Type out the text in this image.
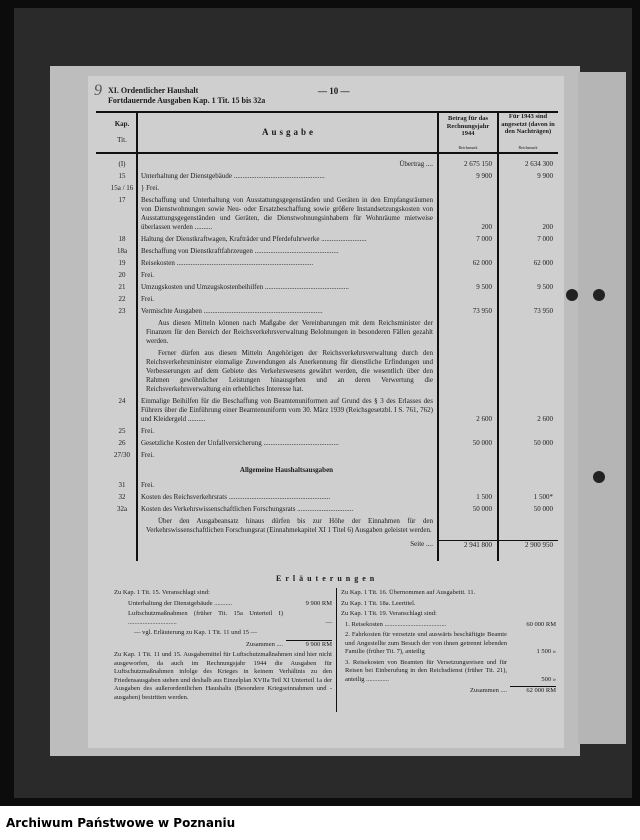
9 XI. Ordentlicher Haushalt
Fortdauernde Ausgaben Kap. 1 Tit. 15 bis 32a
— 10 —
Kap.
Tit.
Ausgabe
Betrag für das Rechnungsjahr 1944
Reichsmark
Für 1943 sind angesetzt (davon in den Nachträgen)
Reichsmark
(I)	Übertrag ....	2 675 150	2 634 300
15	Unterhaltung der Dienstgebäude ....................................................	9 900	9 900
15a / 16	} Frei.
17	Beschaffung und Unterhaltung von Ausstattungsgegenständen und Geräten in den Empfangsräumen von Dienstwohnungen sowie Neu- oder Ersatzbeschaffung sowie größere Instandsetzungskosten von Ausstattungsgegenständen und Geräten, die Dienstwohnungsinhabern für Wohnräume mietweise überlassen werden ..........	200	200
18	Haltung der Dienstkraftwagen, Krafträder und Pferdefuhrwerke ..........................	7 000	7 000
18a	Beschaffung von Dienstkraftfahrzeugen ................................................
19	Reisekosten ..............................................................................	62 000	62 000
20	Frei.
21	Umzugskosten und Umzugskostenbeihilfen ................................................	9 500	9 500
22	Frei.
23	Vermischte Ausgaben ....................................................................	73 950	73 950
Aus diesen Mitteln können nach Maßgabe der Vereinbarungen mit dem Reichsminister der Finanzen für den Bereich der Reichsverkehrsverwaltung Belohnungen in besonderen Fällen gezahlt werden.
Ferner dürfen aus diesen Mitteln Angehörigen der Reichsverkehrsverwaltung durch den Reichsverkehrsminister einmalige Zuwendungen als Anerkennung für dienstliche Erfindungen und Verbesserungen auf dem Gebiete des Verkehrswesens gewährt werden, die wesentlich über den Rahmen gewöhnlicher Leistungen hinausgehen und an deren Verwertung die Reichsverkehrsverwaltung ein erhebliches Interesse hat.
24	Einmalige Beihilfen für die Beschaffung von Beamtenuniformen auf Grund des § 3 des Erlasses des Führers über die Einführung einer Beamtenuniform vom 30. März 1939 (Reichsgesetzbl. I S. 761, 762) und Kleidergeld ..........	2 600	2 600
25	Frei.
26	Gesetzliche Kosten der Unfallversicherung ...........................................	50 000	50 000
27/30	Frei.
Allgemeine Haushaltsausgaben
31	Frei.
32	Kosten des Reichsverkehrsrats ..........................................................	1 500	1 500*
32a	Kosten des Verkehrswissenschaftlichen Forschungsrats ................................	50 000	50 000
Über den Ausgabeansatz hinaus dürfen bis zur Höhe der Einnahmen für den Verkehrswissenschaftlichen Forschungsrat (Einnahmekapitel XI 1 Titel 6) Ausgaben geleistet werden.
Seite ....	2 941 800	2 900 950
Erläuterungen
Zu Kap. 1 Tit. 15. Veranschlagt sind:
Unterhaltung der Dienstgebäude ...........	9 900 RM
Luftschutzmaßnahmen (früher Tit. 15a Unterteil I) ..............................	—
— vgl. Erläuterung zu Kap. 1 Tit. 11 und 15 —
Zusammen ....	9 900 RM
Zu Kap. 1 Tit. 11 und 15. Ausgabemittel für Luftschutzmaßnahmen sind hier nicht ausgeworfen, da auch im Rechnungsjahr 1944 die Ausgaben für Luftschutzmaßnahmen infolge des Krieges in keinem Verhältnis zu den Friedensausgaben stehen und deshalb aus Einzelplan XVIIa Teil XI Unterteil 1a der Ausgaben des außerordentlichen Haushalts (Besondere Kriegseinnahmen und -ausgaben) bestritten werden.
Zu Kap. 1 Tit. 16. Übernommen auf Ausgabetit. 11.
Zu Kap. 1 Tit. 18a. Leertitel.
Zu Kap. 1 Tit. 19. Veranschlagt sind:
1. Reisekosten ......................................	60 000 RM
2. Fahrkosten für versetzte und auswärts beschäftigte Beamte und Angestellte zum Besuch der von ihnen getrennt lebenden Familie (früher Tit. 7), anteilig	1 500 »
3. Reisekosten von Beamten für Versetzungsreisen und für Reisen bei Einberufung in den Reichsdienst (früher Tit. 21), anteilig ..............	500 »
Zusammen ....	62 000 RM
Archiwum Państwowe w Poznaniu
